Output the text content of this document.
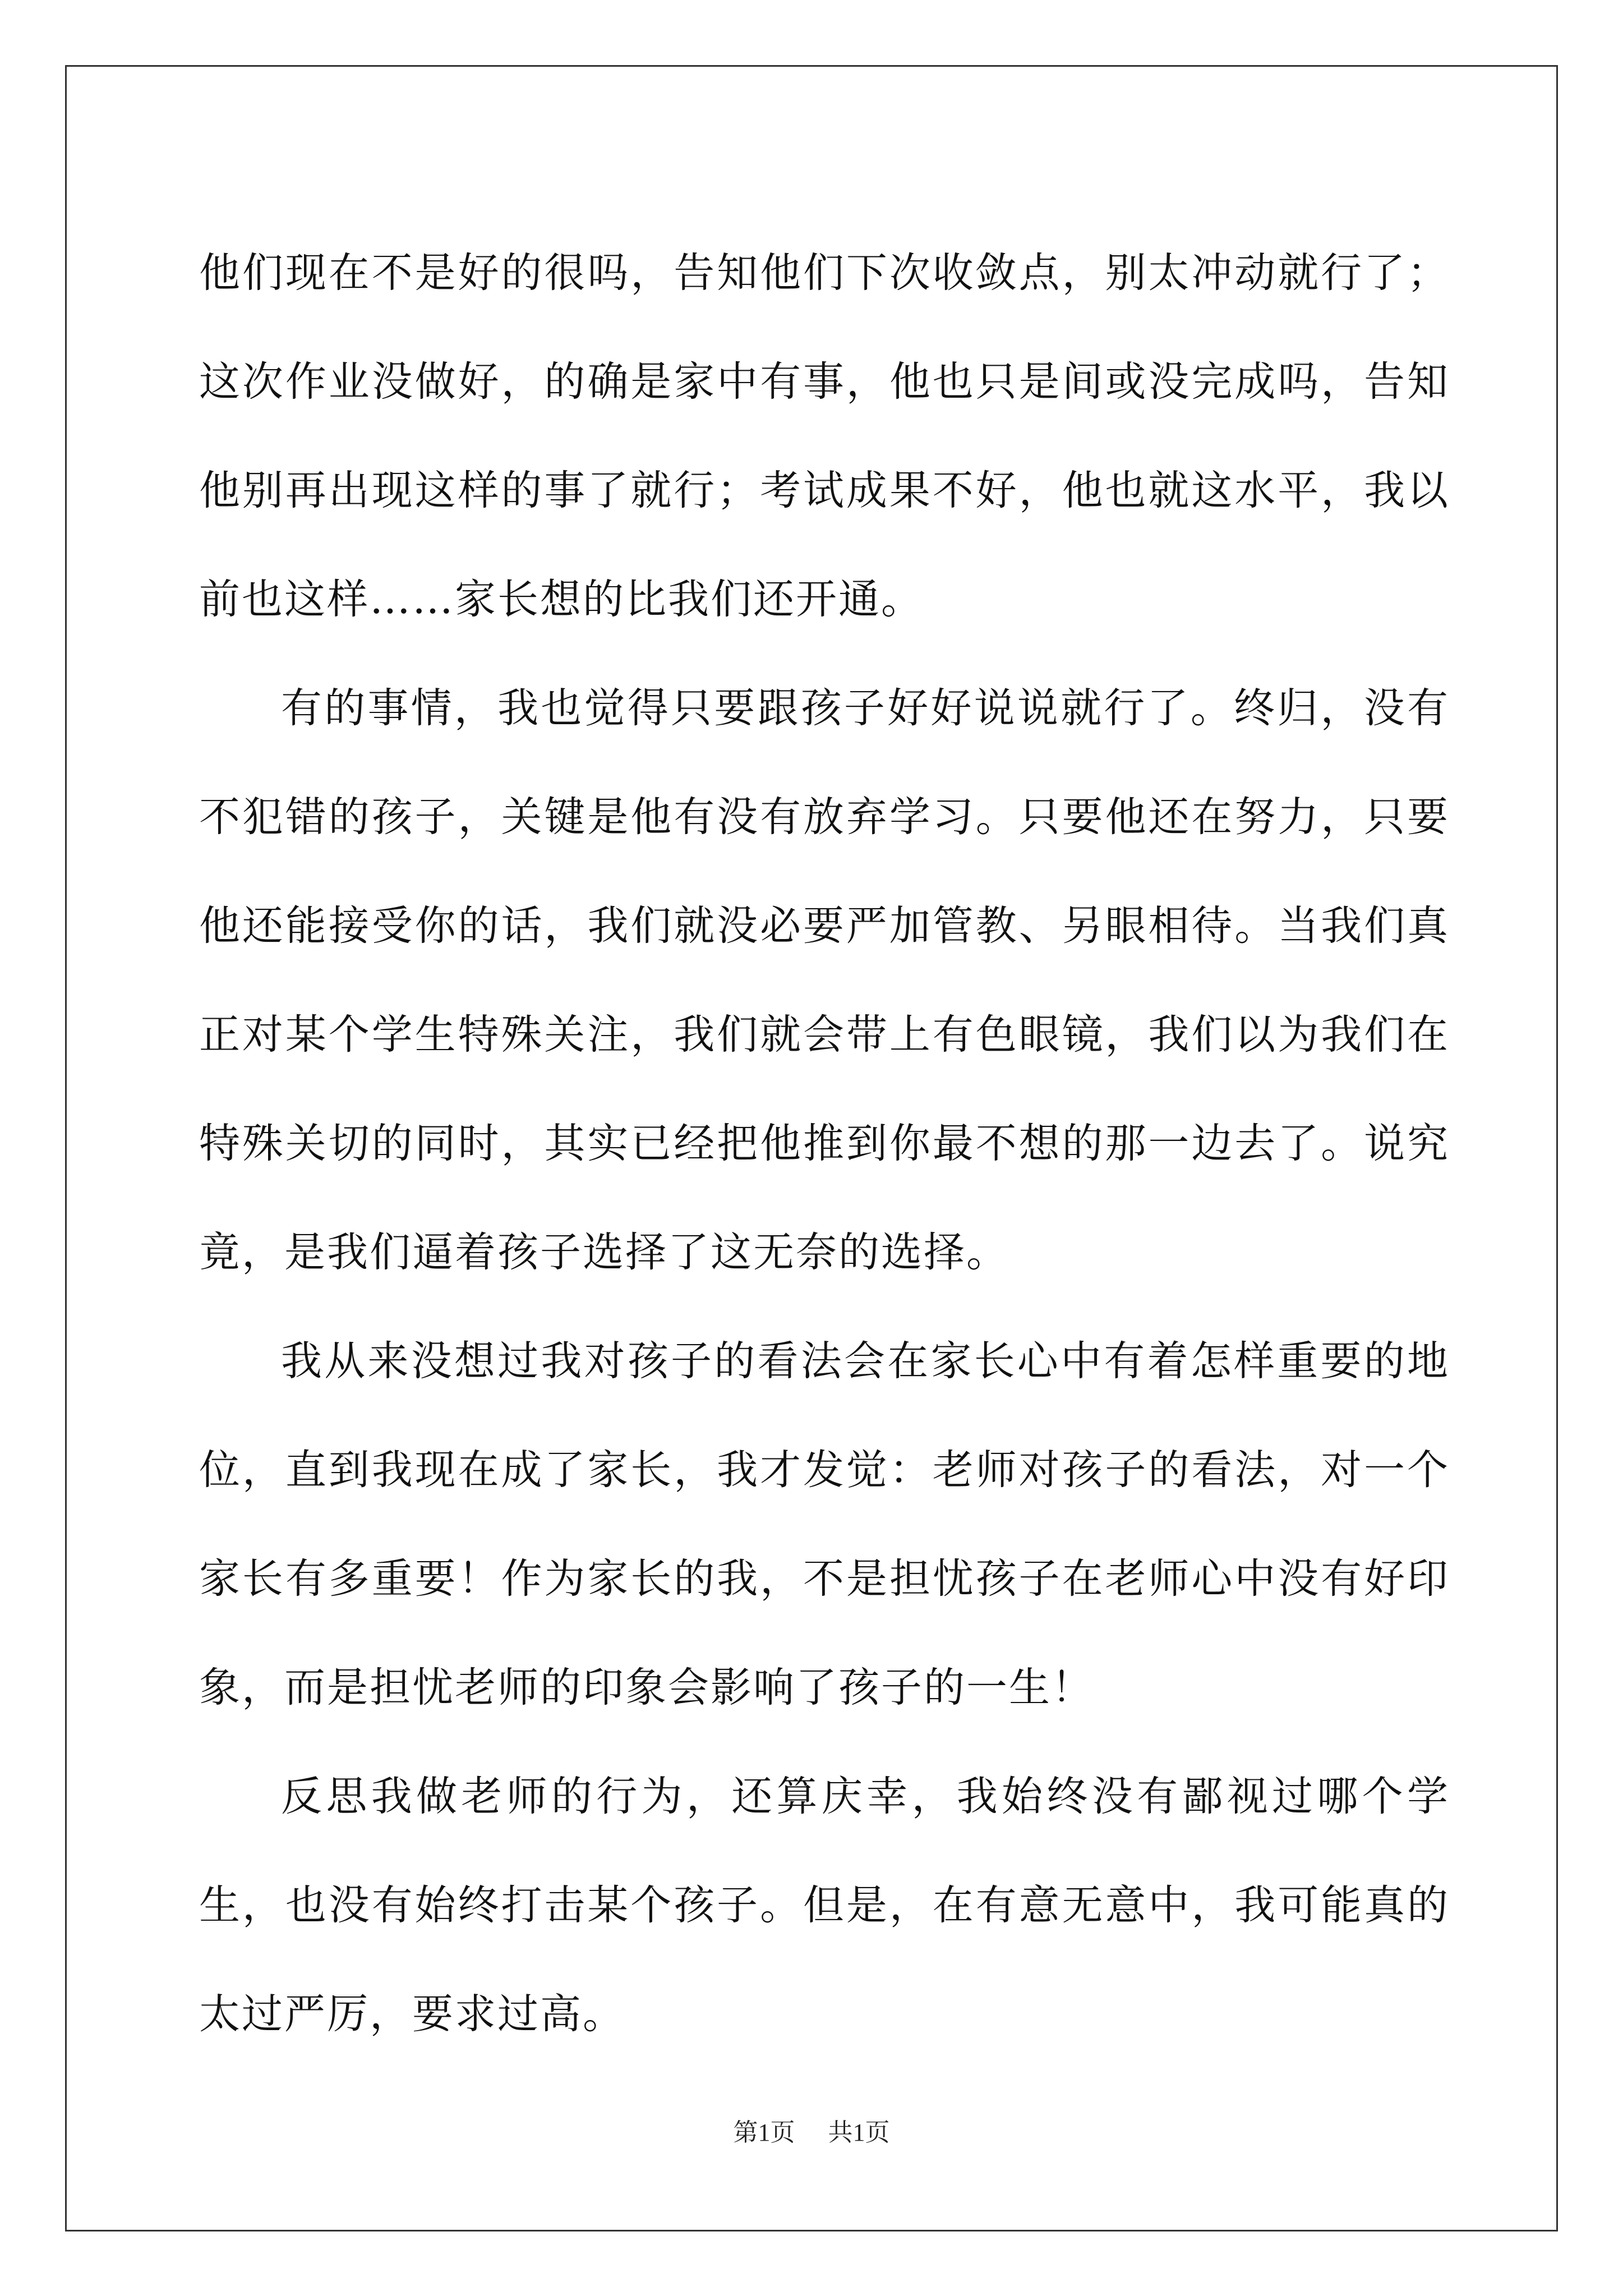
他们现在不是好的很吗，告知他们下次收敛点，别太冲动就行了；这次作业没做好，的确是家中有事，他也只是间或没完成吗，告知他别再出现这样的事了就行；考试成果不好，他也就这水平，我以前也这样……家长想的比我们还开通。

有的事情，我也觉得只要跟孩子好好说说就行了。终归，没有不犯错的孩子，关键是他有没有放弃学习。只要他还在努力，只要他还能接受你的话，我们就没必要严加管教、另眼相待。当我们真正对某个学生特殊关注，我们就会带上有色眼镜，我们以为我们在特殊关切的同时，其实已经把他推到你最不想的那一边去了。说究竟，是我们逼着孩子选择了这无奈的选择。

我从来没想过我对孩子的看法会在家长心中有着怎样重要的地位，直到我现在成了家长，我才发觉：老师对孩子的看法，对一个家长有多重要！作为家长的我，不是担忧孩子在老师心中没有好印象，而是担忧老师的印象会影响了孩子的一生！

反思我做老师的行为，还算庆幸，我始终没有鄙视过哪个学生，也没有始终打击某个孩子。但是，在有意无意中，我可能真的太过严厉，要求过高。

第1页 共1页
